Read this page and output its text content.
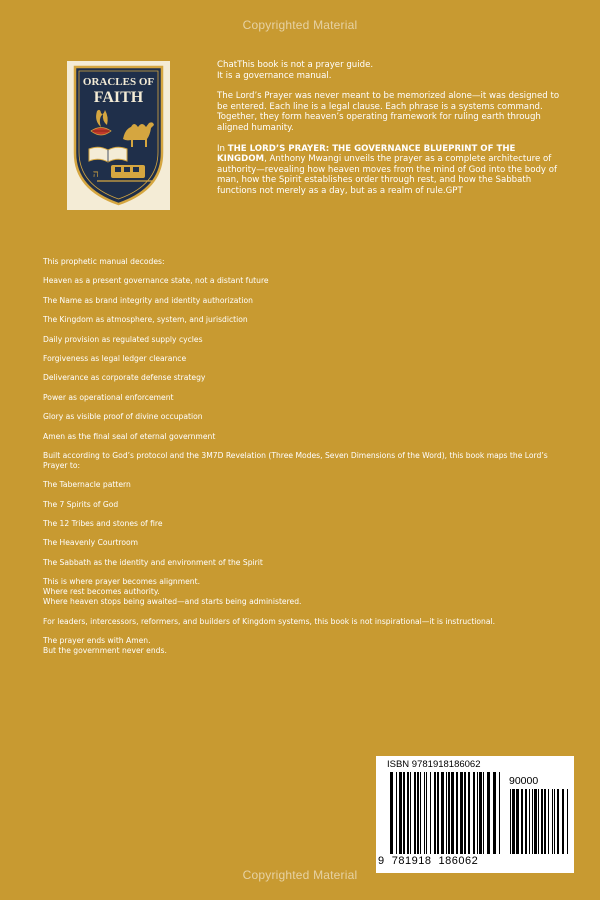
Copyrighted Material
ORACLES OF
FAITH
ה

ChatThis book is not a prayer guide.
It is a governance manual.

The Lord’s Prayer was never meant to be memorized alone—it was designed to be entered. Each line is a legal clause. Each phrase is a systems command. Together, they form heaven’s operating framework for ruling earth through aligned humanity.

In THE LORD’S PRAYER: THE GOVERNANCE BLUEPRINT OF THE KINGDOM, Anthony Mwangi unveils the prayer as a complete architecture of authority—revealing how heaven moves from the mind of God into the body of man, how the Spirit establishes order through rest, and how the Sabbath functions not merely as a day, but as a realm of rule.GPT

This prophetic manual decodes:
Heaven as a present governance state, not a distant future
The Name as brand integrity and identity authorization
The Kingdom as atmosphere, system, and jurisdiction
Daily provision as regulated supply cycles
Forgiveness as legal ledger clearance
Deliverance as corporate defense strategy
Power as operational enforcement
Glory as visible proof of divine occupation
Amen as the final seal of eternal government
Built according to God’s protocol and the 3M7D Revelation (Three Modes, Seven Dimensions of the Word), this book maps the Lord’s Prayer to:
The Tabernacle pattern
The 7 Spirits of God
The 12 Tribes and stones of fire
The Heavenly Courtroom
The Sabbath as the identity and environment of the Spirit
This is where prayer becomes alignment.
Where rest becomes authority.
Where heaven stops being awaited—and starts being administered.
For leaders, intercessors, reformers, and builders of Kingdom systems, this book is not inspirational—it is instructional.
The prayer ends with Amen.
But the government never ends.
ISBN 9781918186062
90000
9  781918  186062
Copyrighted Material
